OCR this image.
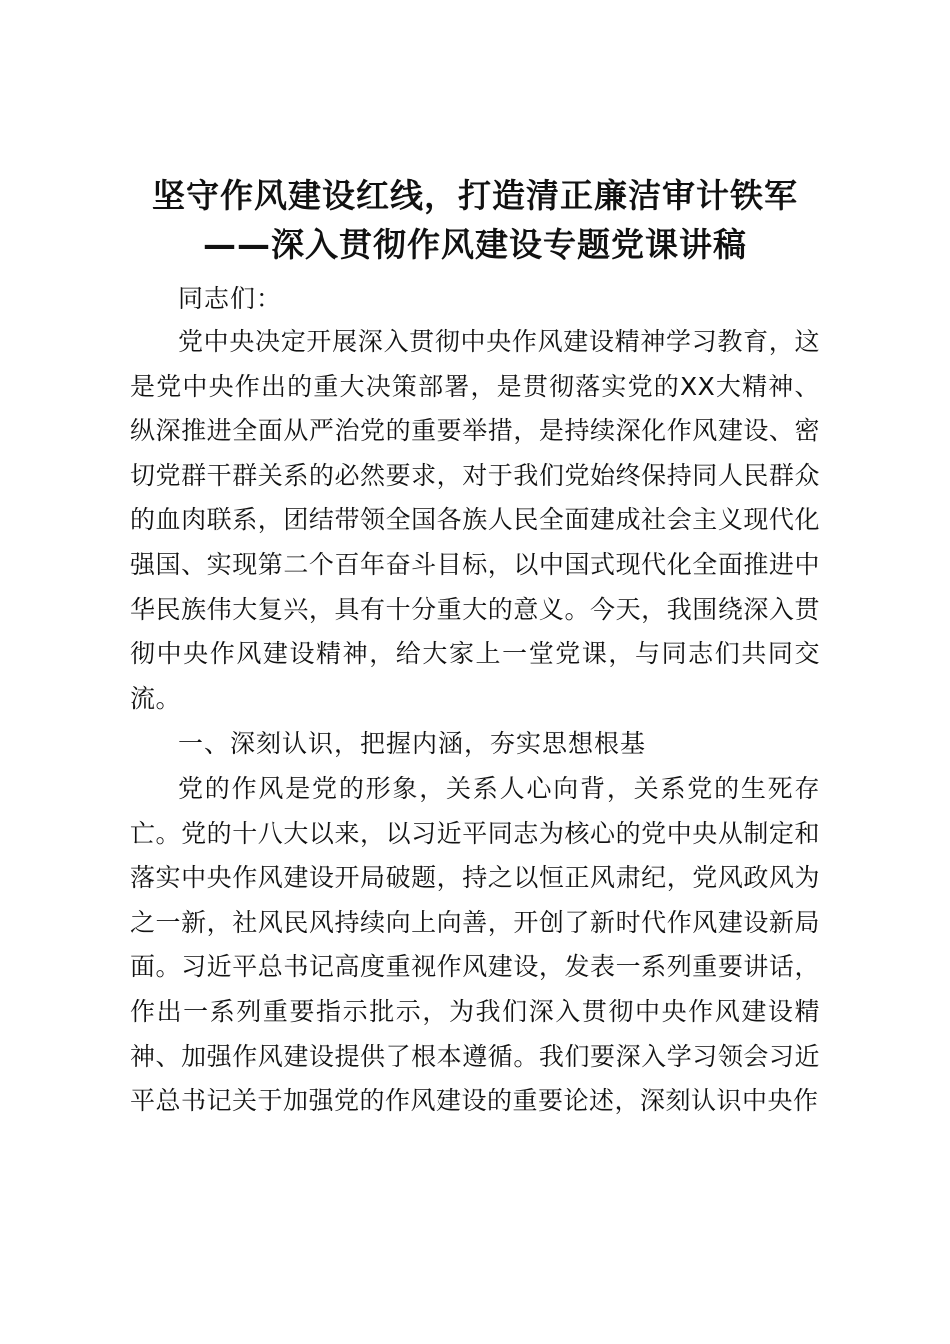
坚守作风建设红线，打造清正廉洁审计铁军
——深入贯彻作风建设专题党课讲稿
同志们：
党中央决定开展深入贯彻中央作风建设精神学习教育，这是党中央作出的重大决策部署，是贯彻落实党的XX大精神、纵深推进全面从严治党的重要举措，是持续深化作风建设、密切党群干群关系的必然要求，对于我们党始终保持同人民群众的血肉联系，团结带领全国各族人民全面建成社会主义现代化强国、实现第二个百年奋斗目标，以中国式现代化全面推进中华民族伟大复兴，具有十分重大的意义。今天，我围绕深入贯彻中央作风建设精神，给大家上一堂党课，与同志们共同交流。
一、深刻认识，把握内涵，夯实思想根基
党的作风是党的形象，关系人心向背，关系党的生死存亡。党的十八大以来，以习近平同志为核心的党中央从制定和落实中央作风建设开局破题，持之以恒正风肃纪，党风政风为之一新，社风民风持续向上向善，开创了新时代作风建设新局面。习近平总书记高度重视作风建设，发表一系列重要讲话，作出一系列重要指示批示，为我们深入贯彻中央作风建设精神、加强作风建设提供了根本遵循。我们要深入学习领会习近平总书记关于加强党的作风建设的重要论述，深刻认识中央作
